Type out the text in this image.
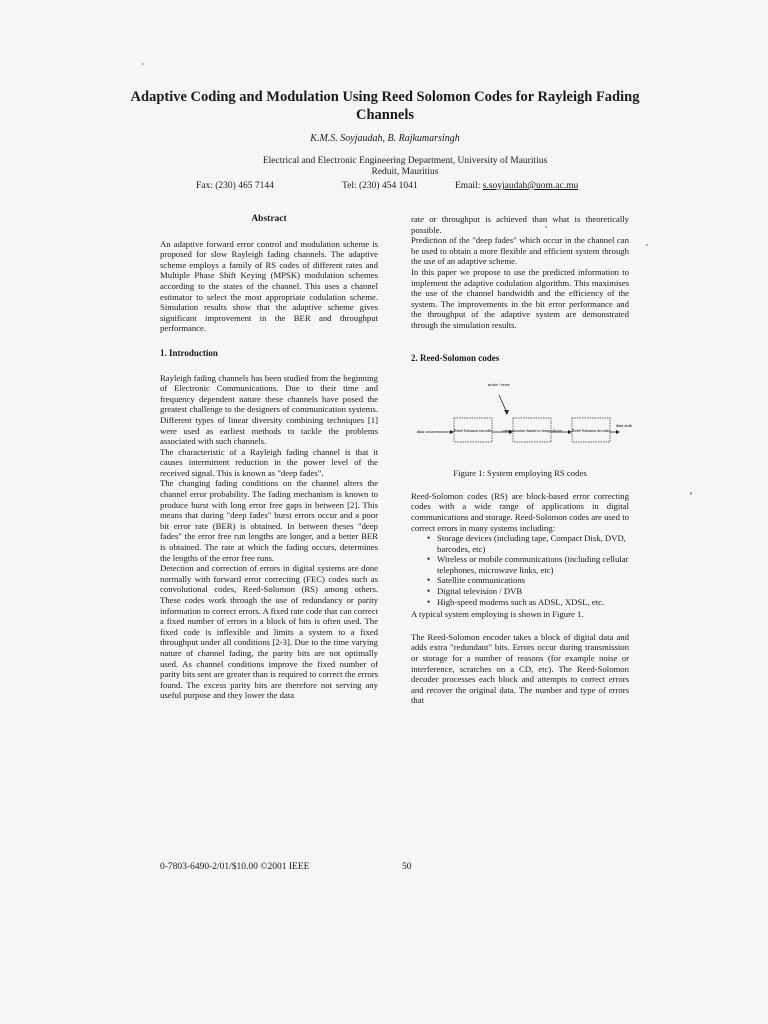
Adaptive Coding and Modulation Using Reed Solomon Codes for Rayleigh Fading Channels
K.M.S. Soyjaudah, B. Rajkumarsingh
Electrical and Electronic Engineering Department, University of Mauritius
Reduit, Mauritius
Fax: (230) 465 7144	Tel: (230) 454 1041	Email: s.soyjaudah@uom.ac.mu
Abstract

An adaptive forward error control and modulation scheme is proposed for slow Rayleigh fading channels. The adaptive scheme employs a family of RS codes of different rates and Multiple Phase Shift Keying (MPSK) modulation schemes according to the states of the channel. This uses a channel estimator to select the most appropriate codulation scheme. Simulation results show that the adaptive scheme gives significant improvement in the BER and throughput performance.

1. Introduction

Rayleigh fading channels has been studied from the beginning of Electronic Communications. Due to their time and frequency dependent nature these channels have posed the greatest challenge to the designers of communication systems. Different types of linear diversity combining techniques [1] were used as earliest methods to tackle the problems associated with such channels.

The characteristic of a Rayleigh fading channel is that it causes intermittent reduction in the power level of the received signal. This is known as "deep fades".

The changing fading conditions on the channel alters the channel error probability. The fading mechanism is known to produce burst with long error free gaps in between [2]. This means that during "deep fades" burst errors occur and a poor bit error rate (BER) is obtained. In between theses "deep fades" the error free run lengths are longer, and a better BER is obtained. The rate at which the fading occurs, determines the lengths of the error free runs.

Detection and correction of errors in digital systems are done normally with forward error correcting (FEC) codes such as convolutional codes, Reed-Solomon (RS) among others. These codes work through the use of redundancy or parity information to correct errors. A fixed rate code that can correct a fixed number of errors in a block of bits is often used. The fixed code is inflexible and limits a system to a fixed throughput under all conditions [2-3]. Due to the time varying nature of channel fading, the parity bits are not optimally used. As channel conditions improve the fixed number of parity bits sent are greater than is required to correct the errors found. The excess parity bits are therefore not serving any useful purpose and they lower the data

rate or throughput is achieved than what is theoretically possible.

Prediction of the "deep fades" which occur in the channel can be used to obtain a more flexible and efficient system through the use of an adaptive scheme.

In this paper we propose to use the predicted information to implement the adaptive codulation algorithm. This maximises the use of the channel bandwidth and the efficiency of the system. The improvements in the bit error performance and the throughput of the adaptive system are demonstrated through the simulation results.

2. Reed-Solomon codes
noise / error
data source	Reed-Solomon encoder	communication channel or storage device	Reed-Solomon decoder
data sink
Figure 1: System employing RS codes

Reed-Solomon codes (RS) are block-based error correcting codes with a wide range of applications in digital communications and storage. Reed-Solomon codes are used to correct errors in many systems including:

• Storage devices (including tape, Compact Disk, DVD, barcodes, etc)
• Wireless or mobile communications (including cellular telephones, microwave links, etc)
• Satellite communications
• Digital television / DVB
• High-speed modems such as ADSL, XDSL, etc.

A typical system employing is shown in Figure 1.

The Reed-Solomon encoder takes a block of digital data and adds extra "redundant" bits. Errors occur during transmission or storage for a number of reasons (for example noise or interference, scratches on a CD, etc). The Reed-Solomon decoder processes each block and attempts to correct errors and recover the original data. The number and type of errors that

0-7803-6490-2/01/$10.00 ©2001 IEEE	50
